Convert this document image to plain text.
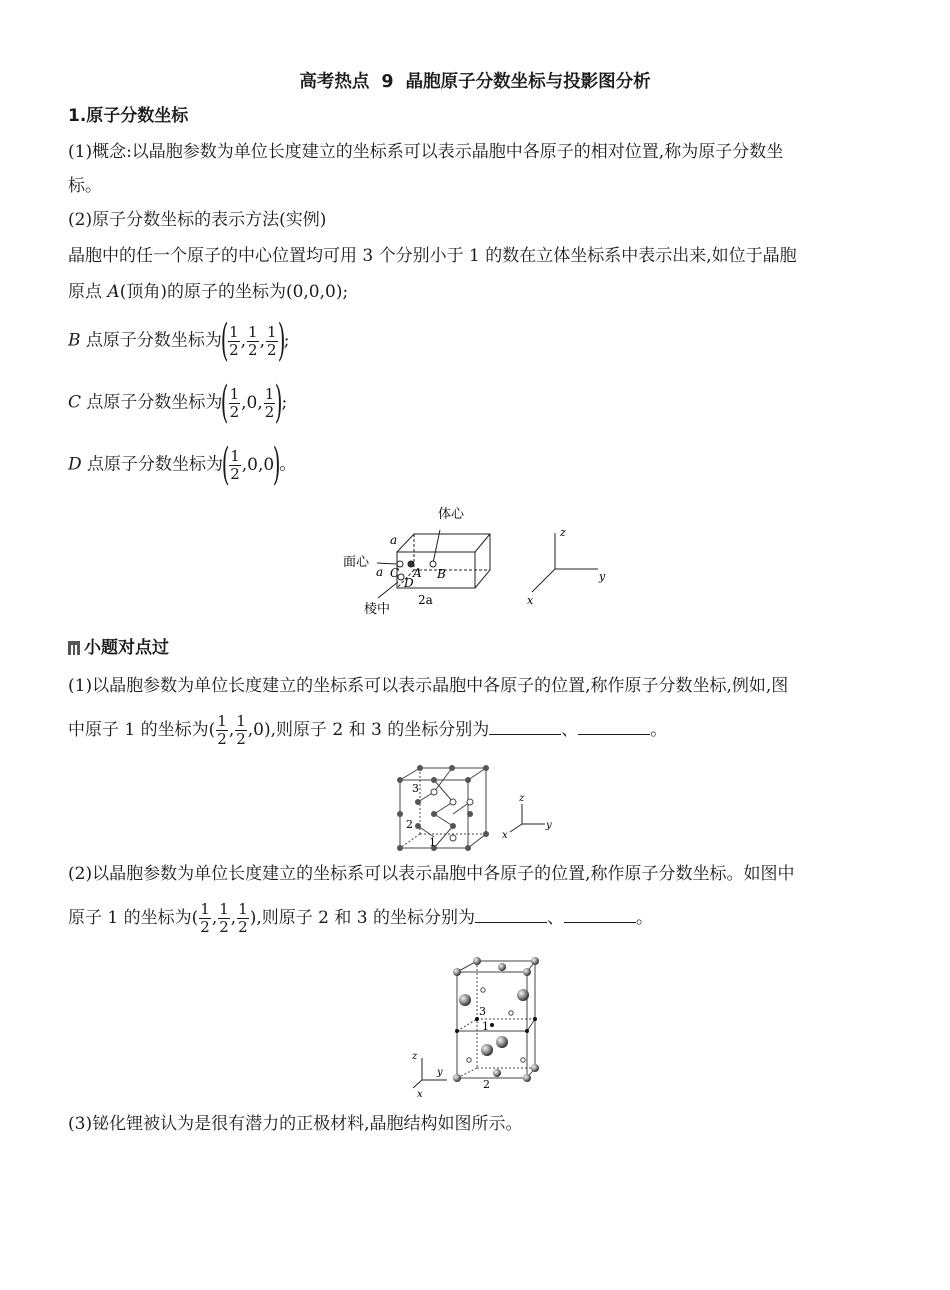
高考热点 9 晶胞原子分数坐标与投影图分析
1.原子分数坐标
(1)概念:以晶胞参数为单位长度建立的坐标系可以表示晶胞中各原子的相对位置,称为原子分数坐
标。
(2)原子分数坐标的表示方法(实例)
晶胞中的任一个原子的中心位置均可用 3 个分别小于 1 的数在立体坐标系中表示出来,如位于晶胞
原点 A(顶角)的原子的坐标为(0,0,0);
B 点原子分数坐标为
( $\frac{1}{2}$ , $\frac{1}{2}$ , $\frac{1}{2}$ )
;
C 点原子分数坐标为
( $\frac{1}{2}$ , 0 , $\frac{1}{2}$ )
;
D 点原子分数坐标为
( $\frac{1}{2}$ , 0 , 0
)
。
体心
面心
棱中
a
a
2a
C A B
D
z
y
x
小题对点过
(1)以晶胞参数为单位长度建立的坐标系可以表示晶胞中各原子的位置,称作原子分数坐标,例如,图
中原子 1 的坐标为( $\frac{1}{2}$ , $\frac{1}{2} ,0$),则原子 2 和 3 的坐标分别为	、	。
3
2
1
z
y
x
(2)以晶胞参数为单位长度建立的坐标系可以表示晶胞中各原子的位置,称作原子分数坐标。如图中
原子 1 的坐标为( $\frac{1}{2}$ , $\frac{1}{2}$ , $\frac{1}{2}$ ),则原子 2 和 3 的坐标分别为	、	。
3
1
2
z
y
x
(3)铋化锂被认为是很有潜力的正极材料,晶胞结构如图所示。
